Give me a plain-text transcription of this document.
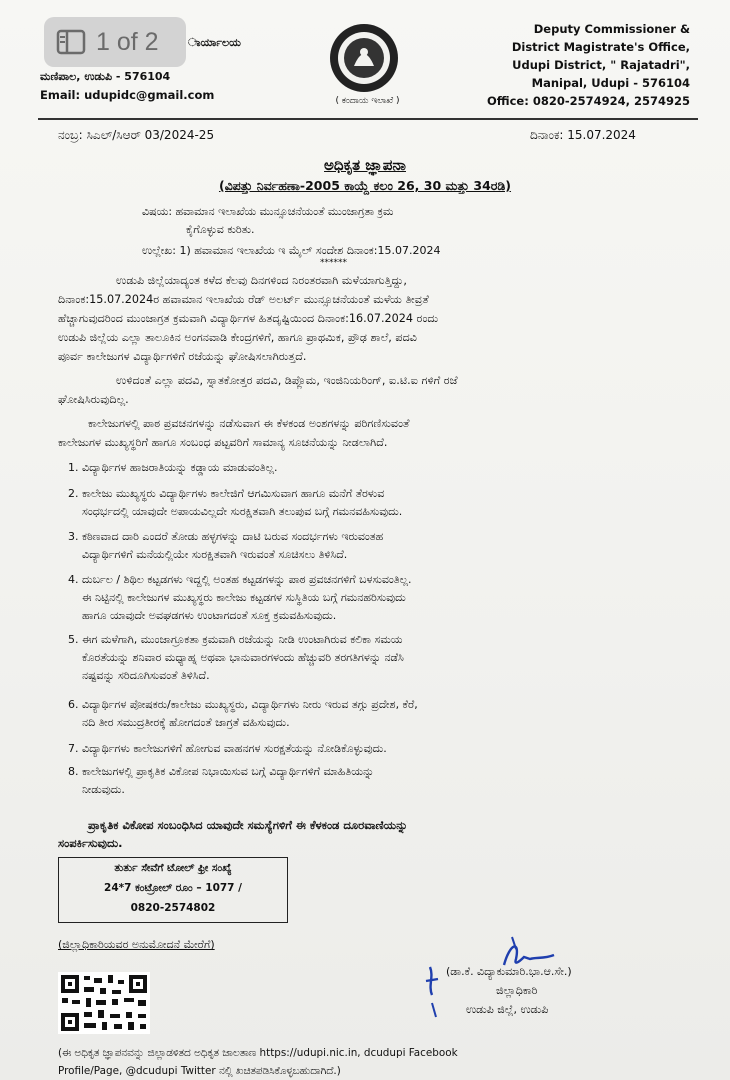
1 of 2	ಾರ್ಯಾಲಯ
ಮಣಿಪಾಲ, ಉಡುಪಿ - 576104
Email: udupidc@gmail.com	( ಕಂದಾಯ ಇಲಾಖೆ )
Deputy Commissioner &
District Magistrate's Office,
Udupi District, " Rajatadri",
Manipal, Udupi - 576104
Office: 0820-2574924, 2574925
ನಂಬ್ರ: ಸಿಎಲ್/ಸಿಆರ್ 03/2024-25	ದಿನಾಂಕ: 15.07.2024
ಅಧಿಕೃತ ಜ್ಞಾಪನಾ
(ವಿಪತ್ತು ನಿರ್ವಹಣಾ-2005 ಕಾಯ್ದೆ ಕಲಂ 26, 30 ಮತ್ತು 34ರಡಿ)
ವಿಷಯ: ಹವಾಮಾನ ಇಲಾಖೆಯ ಮುನ್ಸೂಚನೆಯಂತೆ ಮುಂಜಾಗ್ರತಾ ಕ್ರಮ
ಕೈಗೊಳ್ಳುವ ಕುರಿತು.
ಉಲ್ಲೇಖ: 1) ಹವಾಮಾನ ಇಲಾಖೆಯ ಇ ಮೈಲ್ ಸಂದೇಶ ದಿನಾಂಕ:15.07.2024
******
ಉಡುಪಿ ಜಿಲ್ಲೆಯಾದ್ಯಂತ ಕಳೆದ ಕೆಲವು ದಿನಗಳಿಂದ ನಿರಂತರವಾಗಿ ಮಳೆಯಾಗುತ್ತಿದ್ದು,
ದಿನಾಂಕ:15.07.2024ರ ಹವಾಮಾನ ಇಲಾಖೆಯ ರೆಡ್ ಅಲರ್ಟ್ ಮುನ್ಸೂಚನೆಯಂತೆ ಮಳೆಯ ತೀವ್ರತೆ
ಹೆಚ್ಚಾಗುವುದರಿಂದ ಮುಂಜಾಗ್ರತ ಕ್ರಮವಾಗಿ ವಿದ್ಯಾರ್ಥಿಗಳ ಹಿತದೃಷ್ಟಿಯಿಂದ ದಿನಾಂಕ:16.07.2024 ರಂದು
ಉಡುಪಿ ಜಿಲ್ಲೆಯ ಎಲ್ಲಾ ತಾಲೂಕಿನ ಅಂಗನವಾಡಿ ಕೇಂದ್ರಗಳಿಗೆ, ಹಾಗೂ ಪ್ರಾಥಮಿಕ, ಪ್ರೌಢ ಶಾಲೆ, ಪದವಿ
ಪೂರ್ವ ಕಾಲೇಜುಗಳ ವಿದ್ಯಾರ್ಥಿಗಳಿಗೆ ರಜೆಯನ್ನು ಘೋಷಿಸಲಾಗಿರುತ್ತದೆ.
ಉಳಿದಂತೆ ಎಲ್ಲಾ ಪದವಿ, ಸ್ನಾತಕೋತ್ತರ ಪದವಿ, ಡಿಪ್ಲೊಮ, ಇಂಜಿನಿಯರಿಂಗ್, ಐ.ಟಿ.ಐ ಗಳಿಗೆ ರಜೆ
ಘೋಷಿಸಿರುವುದಿಲ್ಲ.
ಕಾಲೇಜುಗಳಲ್ಲಿ ಪಾಠ ಪ್ರವಚನಗಳನ್ನು ನಡೆಸುವಾಗ ಈ ಕೆಳಕಂಡ ಅಂಶಗಳನ್ನು ಪರಿಗಣಿಸುವಂತೆ
ಕಾಲೇಜುಗಳ ಮುಖ್ಯಸ್ಥರಿಗೆ ಹಾಗೂ ಸಂಬಂಧ ಪಟ್ಟವರಿಗೆ ಸಾಮಾನ್ಯ ಸೂಚನೆಯನ್ನು ನೀಡಲಾಗಿದೆ.
1. ವಿದ್ಯಾರ್ಥಿಗಳ ಹಾಜರಾತಿಯನ್ನು ಕಡ್ಡಾಯ ಮಾಡುವಂತಿಲ್ಲ.
2. ಕಾಲೇಜು ಮುಖ್ಯಸ್ಥರು ವಿದ್ಯಾರ್ಥಿಗಳು ಕಾಲೇಜಿಗೆ ಆಗಮಿಸುವಾಗ ಹಾಗೂ ಮನೆಗೆ ತೆರಳುವ
ಸಂಧರ್ಭದಲ್ಲಿ ಯಾವುದೇ ಅಪಾಯವಿಲ್ಲದೇ ಸುರಕ್ಷಿತವಾಗಿ ತಲುಪುವ ಬಗ್ಗೆ ಗಮನವಹಿಸುವುದು.
3. ಕಠಿಣವಾದ ದಾರಿ ಎಂದರೆ ತೋಡು ಹಳ್ಳಗಳನ್ನು ದಾಟಿ ಬರುವ ಸಂದರ್ಭಗಳು ಇರುವಂತಹ
ವಿದ್ಯಾರ್ಥಿಗಳಿಗೆ ಮನೆಯಲ್ಲಿಯೇ ಸುರಕ್ಷಿತವಾಗಿ ಇರುವಂತೆ ಸೂಚಿಸಲು ತಿಳಿಸಿದೆ.
4. ದುರ್ಬಲ / ಶಿಥಿಲ ಕಟ್ಟಡಗಳು ಇದ್ದಲ್ಲಿ ಅಂತಹ ಕಟ್ಟಡಗಳನ್ನು ಪಾಠ ಪ್ರವಚನಗಳಿಗೆ ಬಳಸುವಂತಿಲ್ಲ.
ಈ ನಿಟ್ಟಿನಲ್ಲಿ ಕಾಲೇಜುಗಳ ಮುಖ್ಯಸ್ಥರು ಕಾಲೇಜು ಕಟ್ಟಡಗಳ ಸುಸ್ಥಿತಿಯ ಬಗ್ಗೆ ಗಮನಹರಿಸುವುದು
ಹಾಗೂ ಯಾವುದೇ ಅವಘಡಗಳು ಉಂಟಾಗದಂತೆ ಸೂಕ್ತ ಕ್ರಮವಹಿಸುವುದು.
5. ಈಗ ಮಳೆಗಾಗಿ, ಮುಂಜಾಗ್ರೂಕತಾ ಕ್ರಮವಾಗಿ ರಜೆಯನ್ನು ನೀಡಿ ಉಂಟಾಗಿರುವ ಕಲಿಕಾ ಸಮಯ
ಕೊರತೆಯನ್ನು ಶನಿವಾರ ಮಧ್ಯಾಹ್ನ ಅಥವಾ ಭಾನುವಾರಗಳಂದು ಹೆಚ್ಚುವರಿ ತರಗತಿಗಳನ್ನು ನಡೆಸಿ
ನಷ್ಟವನ್ನು ಸರಿದೂಗಿಸುವಂತೆ ತಿಳಿಸಿದೆ.
6. ವಿದ್ಯಾರ್ಥಿಗಳ ಪೋಷಕರು/ಕಾಲೇಜು ಮುಖ್ಯಸ್ಥರು, ವಿದ್ಯಾರ್ಥಿಗಳು ನೀರು ಇರುವ ತಗ್ಗು ಪ್ರದೇಶ, ಕೆರೆ,
ನದಿ ತೀರ ಸಮುದ್ರತೀರಕ್ಕೆ ಹೋಗದಂತೆ ಜಾಗ್ರತೆ ವಹಿಸುವುದು.
7. ವಿದ್ಯಾರ್ಥಿಗಳು ಕಾಲೇಜುಗಳಿಗೆ ಹೋಗುವ ವಾಹನಗಳ ಸುರಕ್ಷತೆಯನ್ನು ನೋಡಿಕೊಳ್ಳುವುದು.
8. ಕಾಲೇಜುಗಳಲ್ಲಿ ಪ್ರಾಕೃತಿಕ ವಿಕೋಪ ನಿಭಾಯಿಸುವ ಬಗ್ಗೆ ವಿದ್ಯಾರ್ಥಿಗಳಿಗೆ ಮಾಹಿತಿಯನ್ನು
ನೀಡುವುದು.
ಪ್ರಾಕೃತಿಕ ವಿಕೋಪ ಸಂಬಂಧಿಸಿದ ಯಾವುದೇ ಸಮಸ್ಯೆಗಳಿಗೆ ಈ ಕೆಳಕಂಡ ದೂರವಾಣಿಯನ್ನು
ಸಂಪರ್ಕಿಸುವುದು.
ತುರ್ತು ಸೇವೆಗೆ ಟೋಲ್ ಫ್ರೀ ಸಂಖ್ಯೆ
24*7 ಕಂಟ್ರೋಲ್ ರೂಂ – 1077 /
0820-2574802
(ಜಿಲ್ಲಾಧಿಕಾರಿಯವರ ಅನುಮೋದನೆ ಮೇರೆಗೆ)
(ಡಾ.ಕೆ. ವಿದ್ಯಾಕುಮಾರಿ.ಭಾ.ಆ.ಸೇ.)
ಜಿಲ್ಲಾಧಿಕಾರಿ
ಉಡುಪಿ ಜಿಲ್ಲೆ, ಉಡುಪಿ
(ಈ ಅಧಿಕೃತ ಜ್ಞಾಪನವನ್ನು ಜಿಲ್ಲಾಡಳಿತದ ಅಧಿಕೃತ ಜಾಲತಾಣ https://udupi.nic.in, dcudupi Facebook
Profile/Page, @dcudupi Twitter ನಲ್ಲಿ ಖಚಿತಪಡಿಸಿಕೊಳ್ಳಬಹುದಾಗಿದೆ.)
